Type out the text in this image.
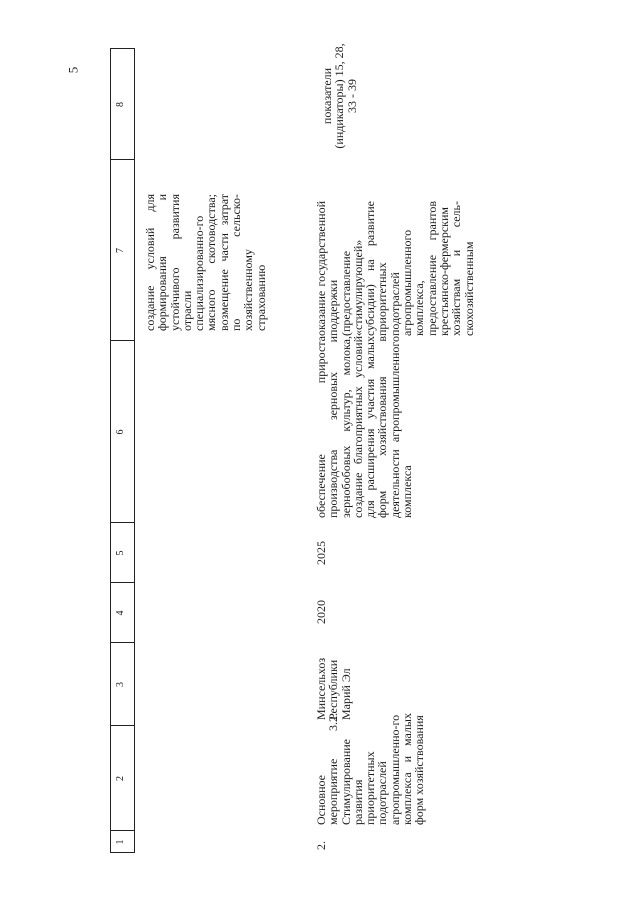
5
1
2
3
4
5
6
7
8
создание условий для формирования и устойчивого развития отрасли специализированно-го мясного скотоводства; возмещение части затрат по сельско-хозяйственному страхованию
2.
Основное мероприятие 3.2. Стимулирование развития приоритетных подотраслей агропромышленно-го комплекса и малых форм хозяйствования
Минсельхоз Республики Марий Эл
2020
2025
обеспечение прироста производства зерновых и зернобобовых культур, молока, создание благоприятных условий для расширения участия малых форм хозяйствования в деятельности агропромышленного комплекса
оказание государственной поддержки (предоставление «стимулирующей» субсидии) на развитие приоритетных подотраслей агропромышленного комплекса, предоставление грантов крестьянско-фермерским хозяйствам и сель-скохозяйственным
показатели (индикаторы) 15, 28, 33 - 39
